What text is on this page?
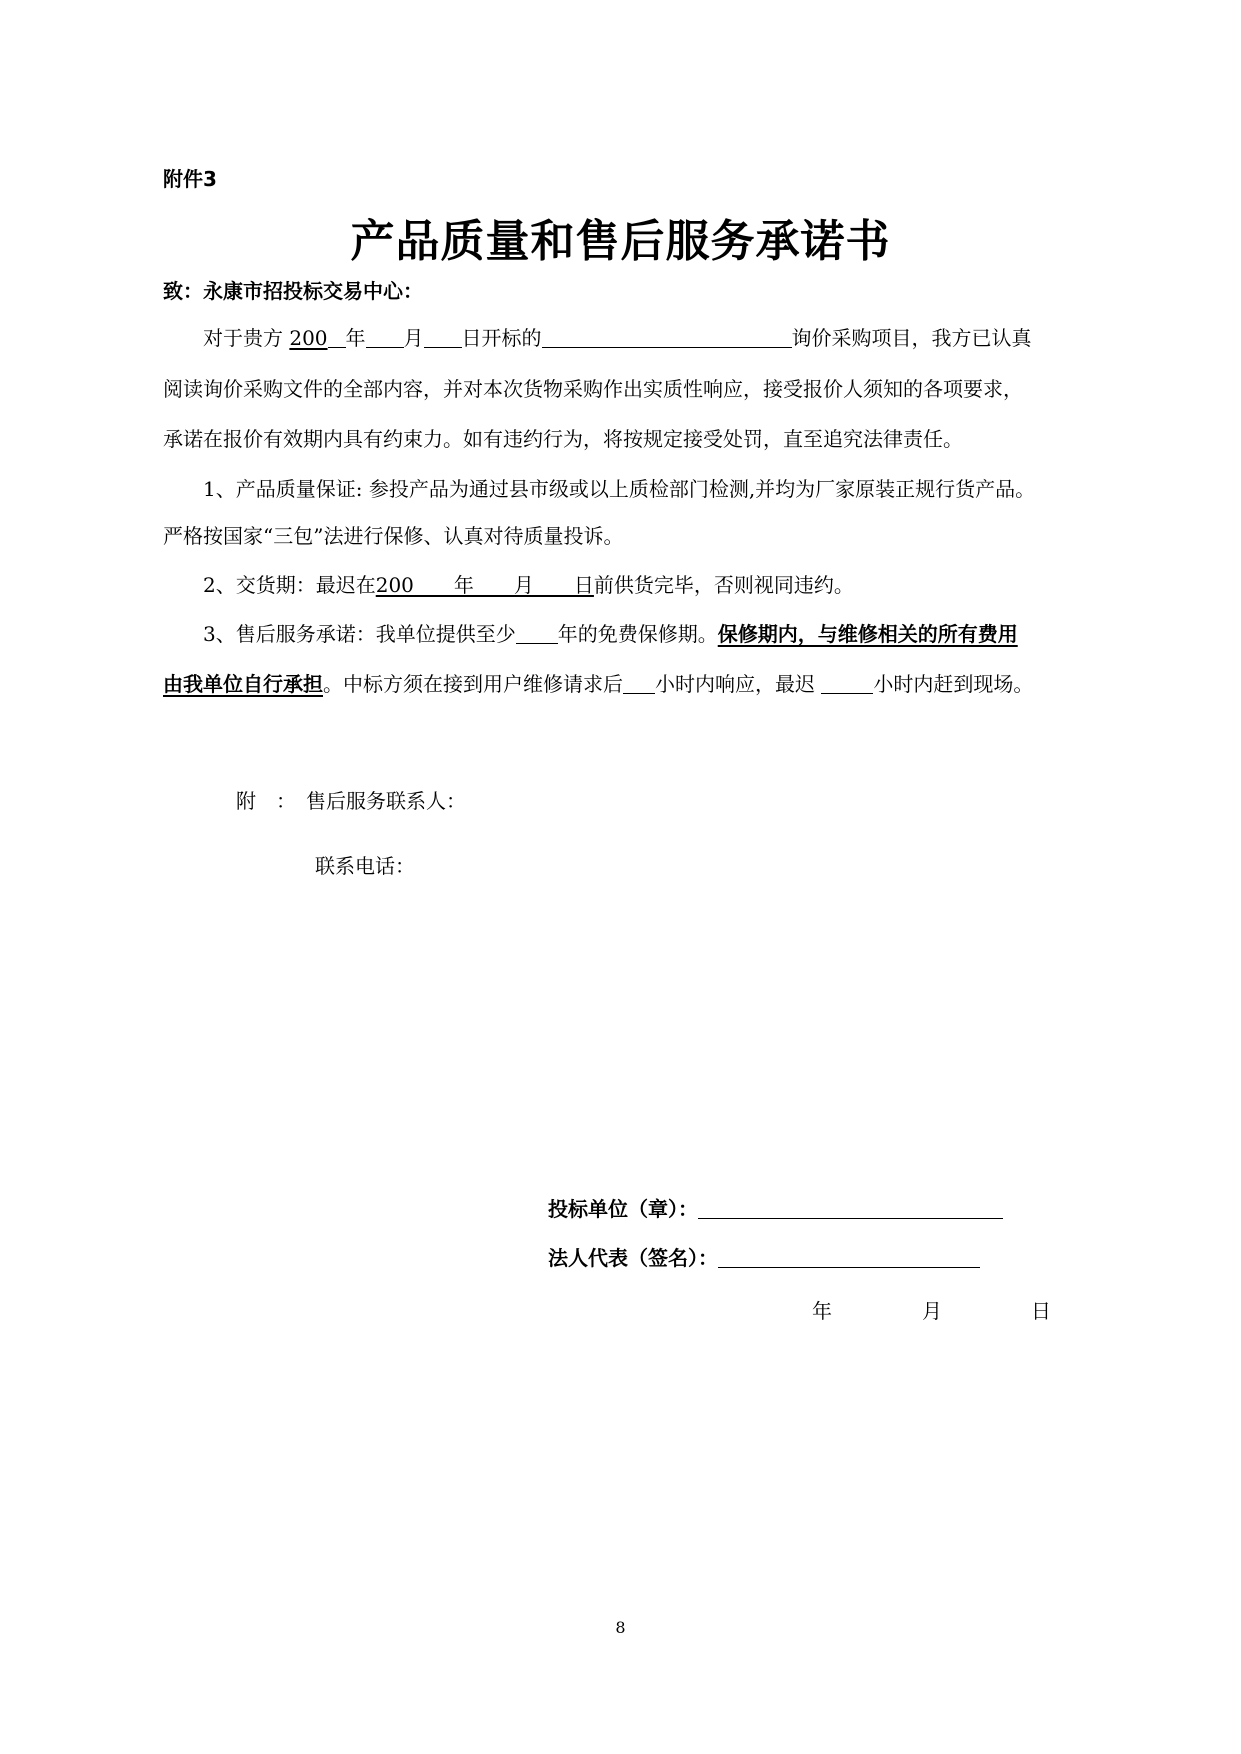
附件3
产品质量和售后服务承诺书
致：永康市招投标交易中心：
对于贵方 200 年 月 日开标的	询价采购项目，我方已认真
阅读询价采购文件的全部内容，并对本次货物采购作出实质性响应，接受报价人须知的各项要求，
承诺在报价有效期内具有约束力。如有违约行为，将按规定接受处罚，直至追究法律责任。
1、产品质量保证: 参投产品为通过县市级或以上质检部门检测,并均为厂家原装正规行货产品。
严格按国家“三包”法进行保修、认真对待质量投诉。
2、交货期：最迟在200　　年　　月　　日前供货完毕，否则视同违约。
3、售后服务承诺：我单位提供至少 年的免费保修期。保修期内，与维修相关的所有费用
由我单位自行承担。中标方须在接到用户维修请求后 小时内响应，最迟	小时内赶到现场。
附　：　售后服务联系人：
联系电话：
投标单位（章）：
法人代表（签名）：
年	月	日
8
